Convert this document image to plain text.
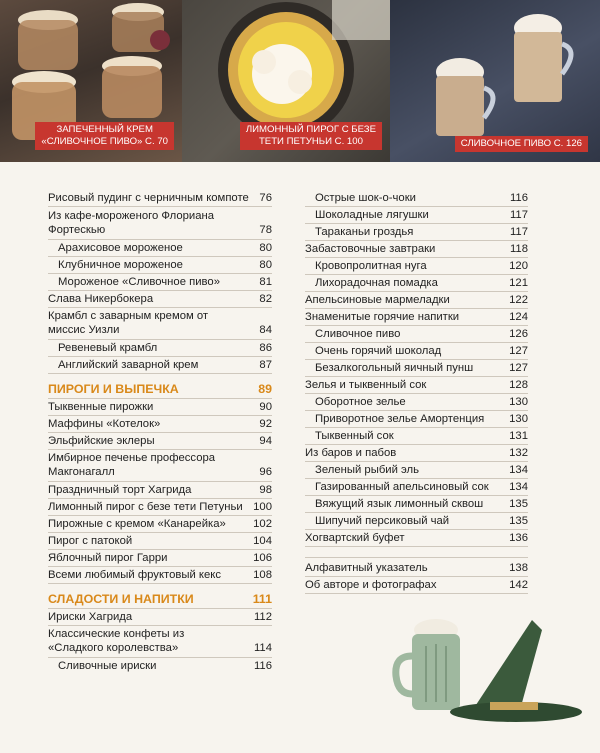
ЗАПЕЧЕННЫЙ КРЕМ
«СЛИВОЧНОЕ ПИВО» С. 70
ЛИМОННЫЙ ПИРОГ С БЕЗЕ
ТЕТИ ПЕТУНЬИ С. 100	СЛИВОЧНОЕ ПИВО С. 126
Рисовый пудинг с черничным компоте 76
Из кафе-мороженого Флориана Фортескью	78
Арахисовое мороженое	80
Клубничное мороженое	80
Мороженое «Сливочное пиво»	81
Слава Никербокера	82
Крамбл с заварным кремом от миссис Уизли	84
Ревеневый крамбл	86
Английский заварной крем	87
ПИРОГИ И ВЫПЕЧКА	89
Тыквенные пирожки	90
Маффины «Котелок»	92
Эльфийские эклеры	94
Имбирное печенье профессора Макгонагалл	96
Праздничный торт Хагрида	98
Лимонный пирог с безе тети Петуньи 100
Пирожные с кремом «Канарейка» 102
Пирог с патокой	104
Яблочный пирог Гарри	106
Всеми любимый фруктовый кекс	108
СЛАДОСТИ И НАПИТКИ	111
Ириски Хагрида	112
Классические конфеты из «Сладкого королевства»	114
Сливочные ириски	116
Острые шок-о-чоки	116
Шоколадные лягушки	117
Тараканьи гроздья	117
Забастовочные завтраки	118
Кровопролитная нуга	120
Лихорадочная помадка	121
Апельсиновые мармеладки	122
Знаменитые горячие напитки	124
Сливочное пиво	126
Очень горячий шоколад	127
Безалкогольный яичный пунш	127
Зелья и тыквенный сок	128
Оборотное зелье	130
Приворотное зелье Амортенция 130
Тыквенный сок	131
Из баров и пабов	132
Зеленый рыбий эль	134
Газированный апельсиновый сок 134
Вяжущий язык лимонный сквош 135
Шипучий персиковый чай	135
Хогвартский буфет	136
Алфавитный указатель	138
Об авторе и фотографах	142
